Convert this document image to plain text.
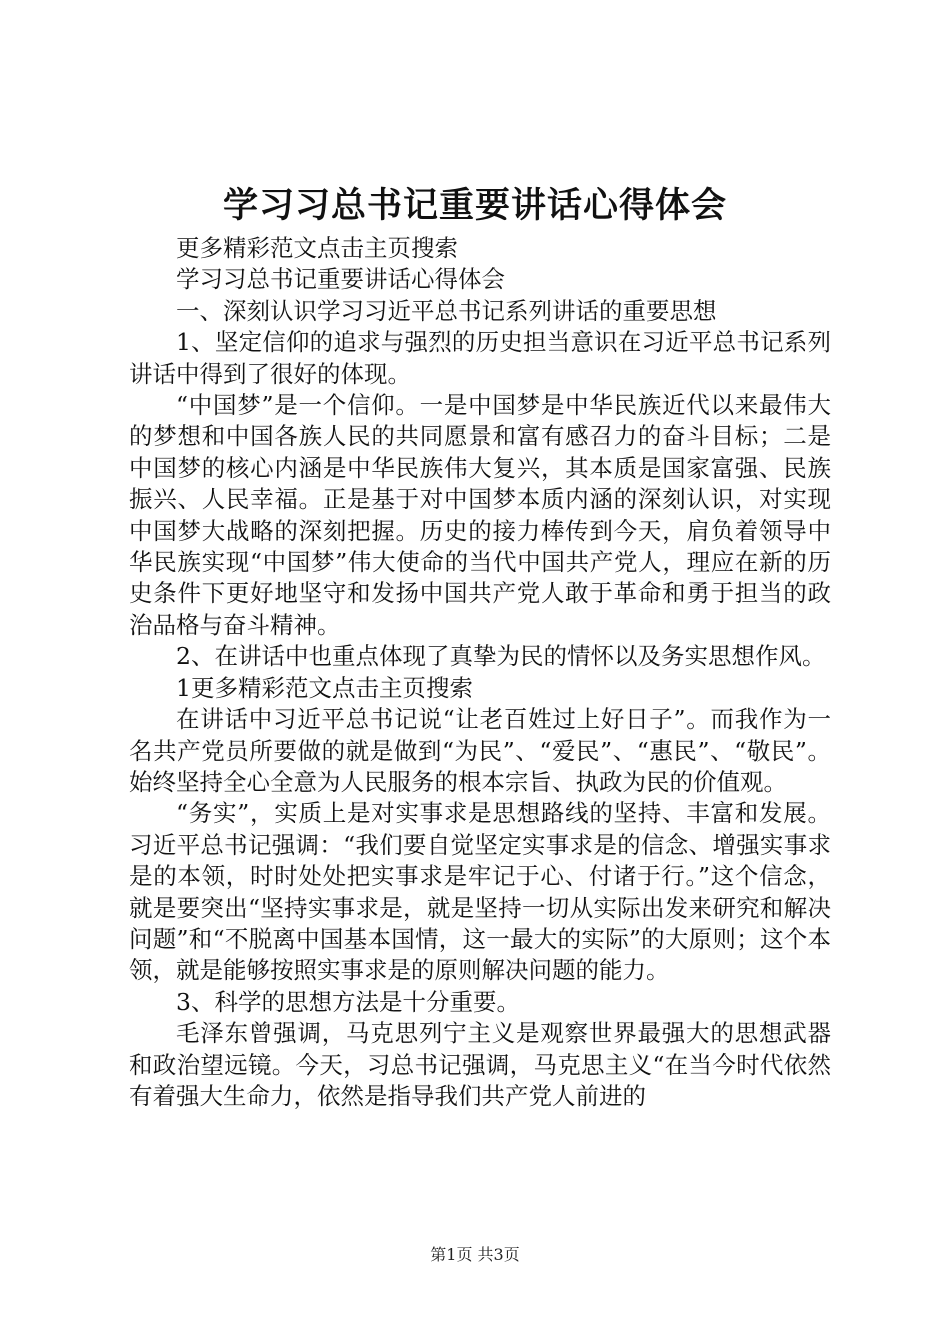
学习习总书记重要讲话心得体会

更多精彩范文点击主页搜索

学习习总书记重要讲话心得体会

一、深刻认识学习习近平总书记系列讲话的重要思想

1、坚定信仰的追求与强烈的历史担当意识在习近平总书记系列讲话中得到了很好的体现。

“中国梦”是一个信仰。一是中国梦是中华民族近代以来最伟大的梦想和中国各族人民的共同愿景和富有感召力的奋斗目标；二是中国梦的核心内涵是中华民族伟大复兴，其本质是国家富强、民族振兴、人民幸福。正是基于对中国梦本质内涵的深刻认识，对实现中国梦大战略的深刻把握。历史的接力棒传到今天，肩负着领导中华民族实现“中国梦”伟大使命的当代中国共产党人，理应在新的历史条件下更好地坚守和发扬中国共产党人敢于革命和勇于担当的政治品格与奋斗精神。

2、在讲话中也重点体现了真挚为民的情怀以及务实思想作风。

1更多精彩范文点击主页搜索

在讲话中习近平总书记说“让老百姓过上好日子”。而我作为一名共产党员所要做的就是做到“为民”、“爱民”、“惠民”、“敬民”。始终坚持全心全意为人民服务的根本宗旨、执政为民的价值观。

“务实”，实质上是对实事求是思想路线的坚持、丰富和发展。习近平总书记强调：“我们要自觉坚定实事求是的信念、增强实事求是的本领，时时处处把实事求是牢记于心、付诸于行。”这个信念，就是要突出“坚持实事求是，就是坚持一切从实际出发来研究和解决问题”和“不脱离中国基本国情，这一最大的实际”的大原则；这个本领，就是能够按照实事求是的原则解决问题的能力。

3、科学的思想方法是十分重要。

毛泽东曾强调，马克思列宁主义是观察世界最强大的思想武器和政治望远镜。今天，习总书记强调，马克思主义“在当今时代依然有着强大生命力，依然是指导我们共产党人前进的

第1页 共3页
